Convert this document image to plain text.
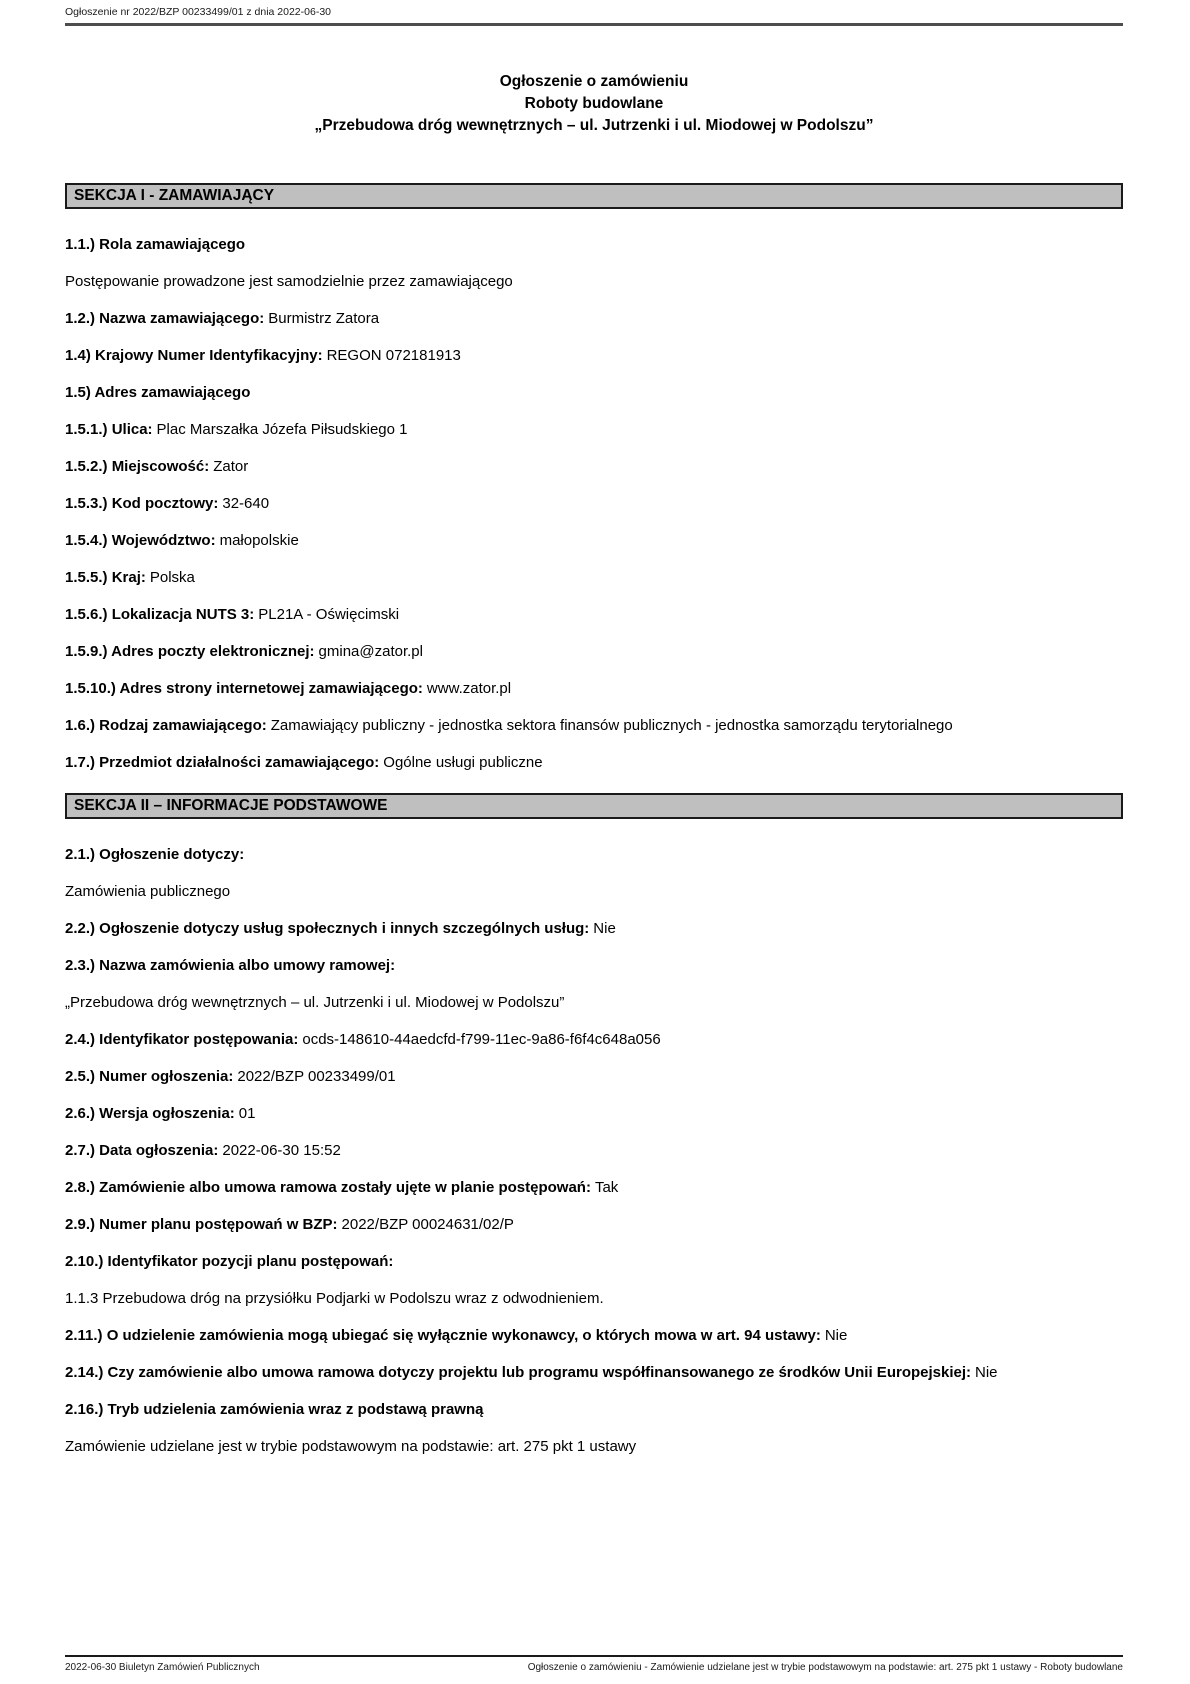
Ogłoszenie nr 2022/BZP 00233499/01 z dnia 2022-06-30
Ogłoszenie o zamówieniu
Roboty budowlane
„Przebudowa dróg wewnętrznych – ul. Jutrzenki i ul. Miodowej w Podolszu”
SEKCJA I - ZAMAWIAJĄCY

1.1.) Rola zamawiającego

Postępowanie prowadzone jest samodzielnie przez zamawiającego

1.2.) Nazwa zamawiającego: Burmistrz Zatora

1.4) Krajowy Numer Identyfikacyjny: REGON 072181913

1.5) Adres zamawiającego

1.5.1.) Ulica: Plac Marszałka Józefa Piłsudskiego 1

1.5.2.) Miejscowość: Zator

1.5.3.) Kod pocztowy: 32-640

1.5.4.) Województwo: małopolskie

1.5.5.) Kraj: Polska

1.5.6.) Lokalizacja NUTS 3: PL21A - Oświęcimski

1.5.9.) Adres poczty elektronicznej: gmina@zator.pl

1.5.10.) Adres strony internetowej zamawiającego: www.zator.pl

1.6.) Rodzaj zamawiającego: Zamawiający publiczny - jednostka sektora finansów publicznych - jednostka samorządu terytorialnego

1.7.) Przedmiot działalności zamawiającego: Ogólne usługi publiczne

SEKCJA II – INFORMACJE PODSTAWOWE

2.1.) Ogłoszenie dotyczy:

Zamówienia publicznego

2.2.) Ogłoszenie dotyczy usług społecznych i innych szczególnych usług: Nie

2.3.) Nazwa zamówienia albo umowy ramowej:

„Przebudowa dróg wewnętrznych – ul. Jutrzenki i ul. Miodowej w Podolszu”

2.4.) Identyfikator postępowania: ocds-148610-44aedcfd-f799-11ec-9a86-f6f4c648a056

2.5.) Numer ogłoszenia: 2022/BZP 00233499/01

2.6.) Wersja ogłoszenia: 01

2.7.) Data ogłoszenia: 2022-06-30 15:52

2.8.) Zamówienie albo umowa ramowa zostały ujęte w planie postępowań: Tak

2.9.) Numer planu postępowań w BZP: 2022/BZP 00024631/02/P

2.10.) Identyfikator pozycji planu postępowań:

1.1.3 Przebudowa dróg na przysiółku Podjarki w Podolszu wraz z odwodnieniem.

2.11.) O udzielenie zamówienia mogą ubiegać się wyłącznie wykonawcy, o których mowa w art. 94 ustawy: Nie

2.14.) Czy zamówienie albo umowa ramowa dotyczy projektu lub programu współfinansowanego ze środków Unii Europejskiej: Nie

2.16.) Tryb udzielenia zamówienia wraz z podstawą prawną

Zamówienie udzielane jest w trybie podstawowym na podstawie: art. 275 pkt 1 ustawy

2022-06-30 Biuletyn Zamówień Publicznych	Ogłoszenie o zamówieniu - Zamówienie udzielane jest w trybie podstawowym na podstawie: art. 275 pkt 1 ustawy - Roboty budowlane
